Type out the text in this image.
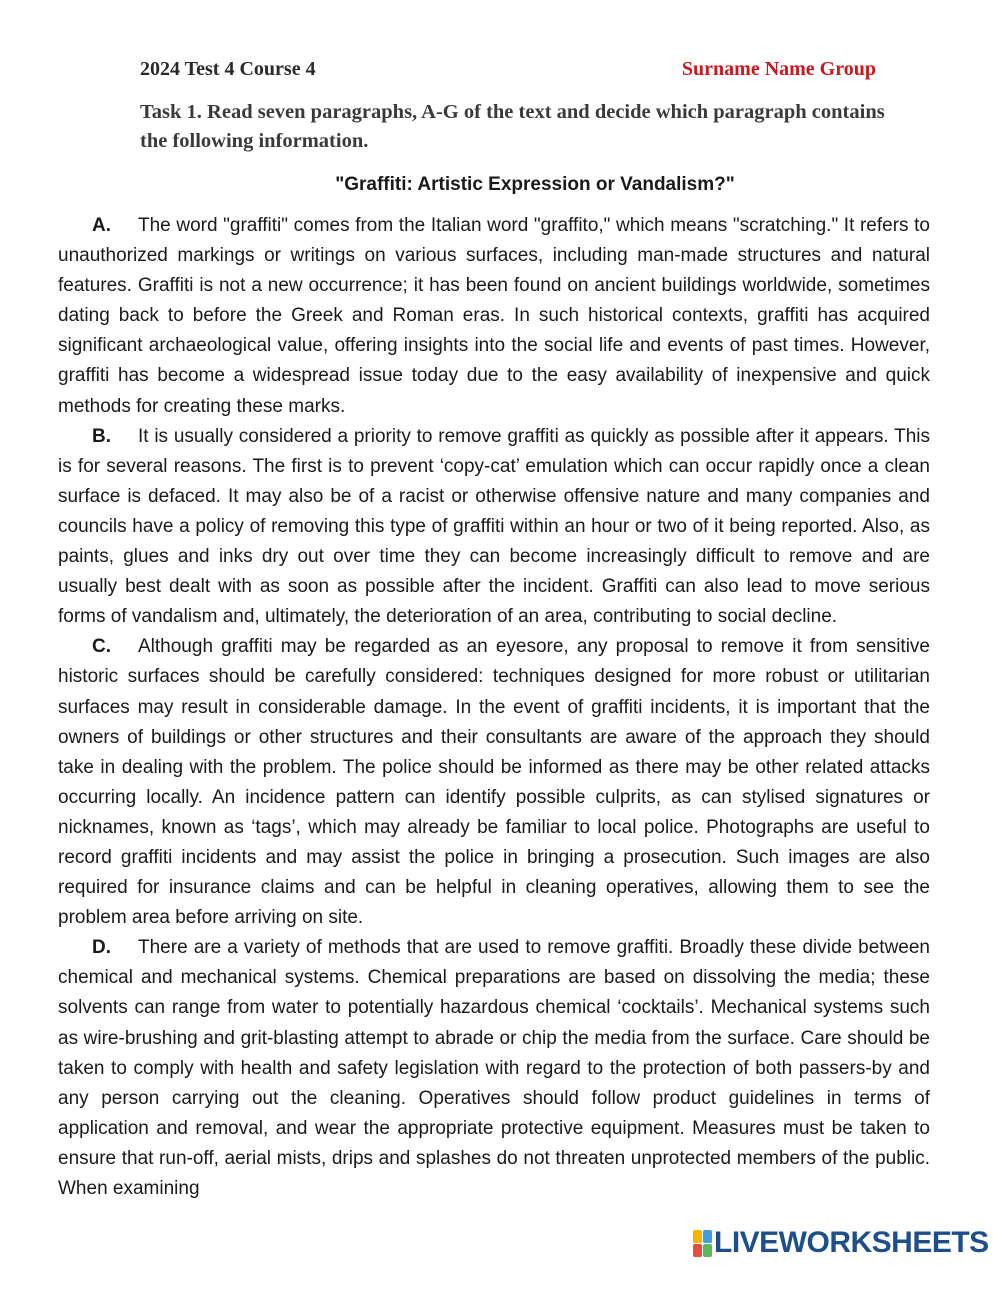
2024 Test 4 Course 4	Surname Name Group
Task 1. Read seven paragraphs, A-G of the text and decide which paragraph contains the following information.
"Graffiti: Artistic Expression or Vandalism?"

A. The word "graffiti" comes from the Italian word "graffito," which means "scratching." It refers to unauthorized markings or writings on various surfaces, including man-made structures and natural features. Graffiti is not a new occurrence; it has been found on ancient buildings worldwide, sometimes dating back to before the Greek and Roman eras. In such historical contexts, graffiti has acquired significant archaeological value, offering insights into the social life and events of past times. However, graffiti has become a widespread issue today due to the easy availability of inexpensive and quick methods for creating these marks.

B. It is usually considered a priority to remove graffiti as quickly as possible after it appears. This is for several reasons. The first is to prevent ‘copy-cat’ emulation which can occur rapidly once a clean surface is defaced. It may also be of a racist or otherwise offensive nature and many companies and councils have a policy of removing this type of graffiti within an hour or two of it being reported. Also, as paints, glues and inks dry out over time they can become increasingly difficult to remove and are usually best dealt with as soon as possible after the incident. Graffiti can also lead to move serious forms of vandalism and, ultimately, the deterioration of an area, contributing to social decline.

C. Although graffiti may be regarded as an eyesore, any proposal to remove it from sensitive historic surfaces should be carefully considered: techniques designed for more robust or utilitarian surfaces may result in considerable damage. In the event of graffiti incidents, it is important that the owners of buildings or other structures and their consultants are aware of the approach they should take in dealing with the problem. The police should be informed as there may be other related attacks occurring locally. An incidence pattern can identify possible culprits, as can stylised signatures or nicknames, known as ‘tags’, which may already be familiar to local police. Photographs are useful to record graffiti incidents and may assist the police in bringing a prosecution. Such images are also required for insurance claims and can be helpful in cleaning operatives, allowing them to see the problem area before arriving on site.

D. There are a variety of methods that are used to remove graffiti. Broadly these divide between chemical and mechanical systems. Chemical preparations are based on dissolving the media; these solvents can range from water to potentially hazardous chemical ‘cocktails’. Mechanical systems such as wire-brushing and grit-blasting attempt to abrade or chip the media from the surface. Care should be taken to comply with health and safety legislation with regard to the protection of both passers-by and any person carrying out the cleaning. Operatives should follow product guidelines in terms of application and removal, and wear the appropriate protective equipment. Measures must be taken to ensure that run-off, aerial mists, drips and splashes do not threaten unprotected members of the public. When examining

LIVEWORKSHEETS
